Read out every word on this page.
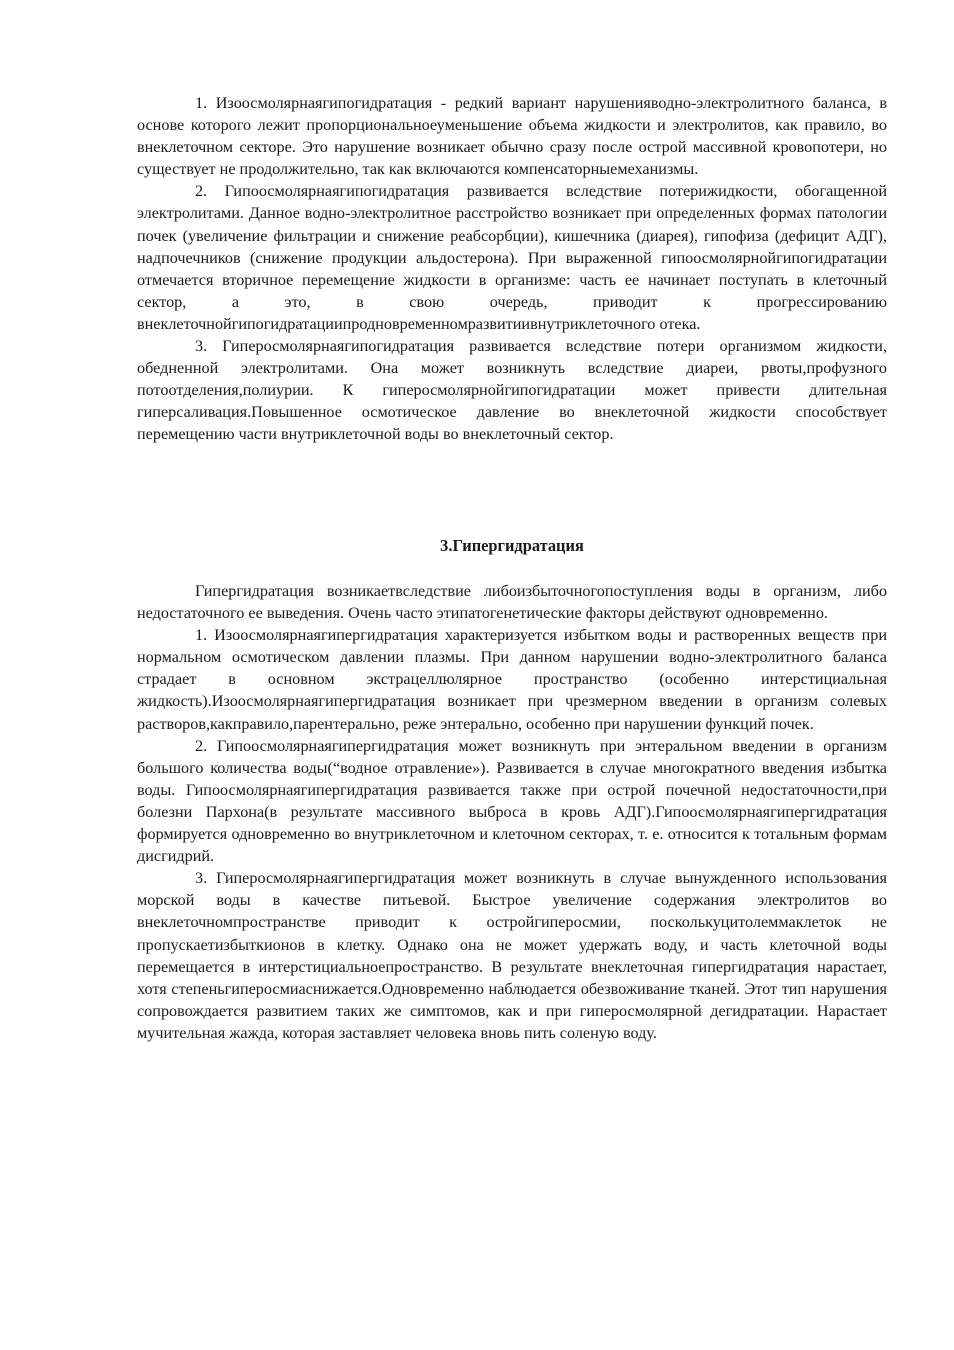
1. Изоосмолярнаягипогидратация - редкий вариант нарушенияводно-электролитного баланса, в основе которого лежит пропорциональноеуменьшение объема жидкости и электролитов, как правило, во внеклеточном секторе. Это нарушение возникает обычно сразу после острой массивной кровопотери, но существует не продолжительно, так как включаются компенсаторныемеханизмы.

2. Гипоосмолярнаягипогидратация развивается вследствие потерижидкости, обогащенной электролитами. Данное водно-электролитное расстройство возникает при определенных формах патологии почек (увеличение фильтрации и снижение реабсорбции), кишечника (диарея), гипофиза (дефицит АДГ), надпочечников (снижение продукции альдостерона). При выраженной гипоосмолярнойгипогидратации отмечается вторичное перемещение жидкости в организме: часть ее начинает поступать в клеточный сектор, а это, в свою очередь, приводит к прогрессированию внеклеточнойгипогидратациипродновременномразвитиивнутриклеточного отека.

3. Гиперосмолярнаягипогидратация развивается вследствие потери организмом жидкости, обедненной электролитами. Она может возникнуть вследствие диареи, рвоты,профузного потоотделения,полиурии. К гиперосмолярнойгипогидратации может привести длительная гиперсаливация.Повышенное осмотическое давление во внеклеточной жидкости способствует перемещению части внутриклеточной воды во внеклеточный сектор.

3.Гипергидратация

Гипергидратация возникаетвследствие либоизбыточногопоступления воды в организм, либо недостаточного ее выведения. Очень часто этипатогенетические факторы действуют одновременно.

1. Изоосмолярнаягипергидратация характеризуется избытком воды и растворенных веществ при нормальном осмотическом давлении плазмы. При данном нарушении водно-электролитного баланса страдает в основном экстрацеллюлярное пространство (особенно интерстициальная жидкость).Изоосмолярнаягипергидратация возникает при чрезмерном введении в организм солевых растворов,какправило,парентерально, реже энтерально, особенно при нарушении функций почек.

2. Гипоосмолярнаягипергидратация может возникнуть при энтеральном введении в организм большого количества воды(“водное отравление»). Развивается в случае многократного введения избытка воды. Гипоосмолярнаягипергидратация развивается также при острой почечной недостаточности,при болезни Пархона(в результате массивного выброса в кровь АДГ).Гипоосмолярнаягипергидратация формируется одновременно во внутриклеточном и клеточном секторах, т. е. относится к тотальным формам дисгидрий.

3. Гиперосмолярнаягипергидратация может возникнуть в случае вынужденного использования морской воды в качестве питьевой. Быстрое увеличение содержания электролитов во внеклеточномпространстве приводит к остройгиперосмии, посколькуцитолеммаклеток не пропускаетизбыткионов в клетку. Однако она не может удержать воду, и часть клеточной воды перемещается в интерстициальноепространство. В результате внеклеточная гипергидратация нарастает, хотя степеньгиперосмиаснижается.Одновременно наблюдается обезвоживание тканей. Этот тип нарушения сопровождается развитием таких же симптомов, как и при гиперосмолярной дегидратации. Нарастает мучительная жажда, которая заставляет человека вновь пить соленую воду.
